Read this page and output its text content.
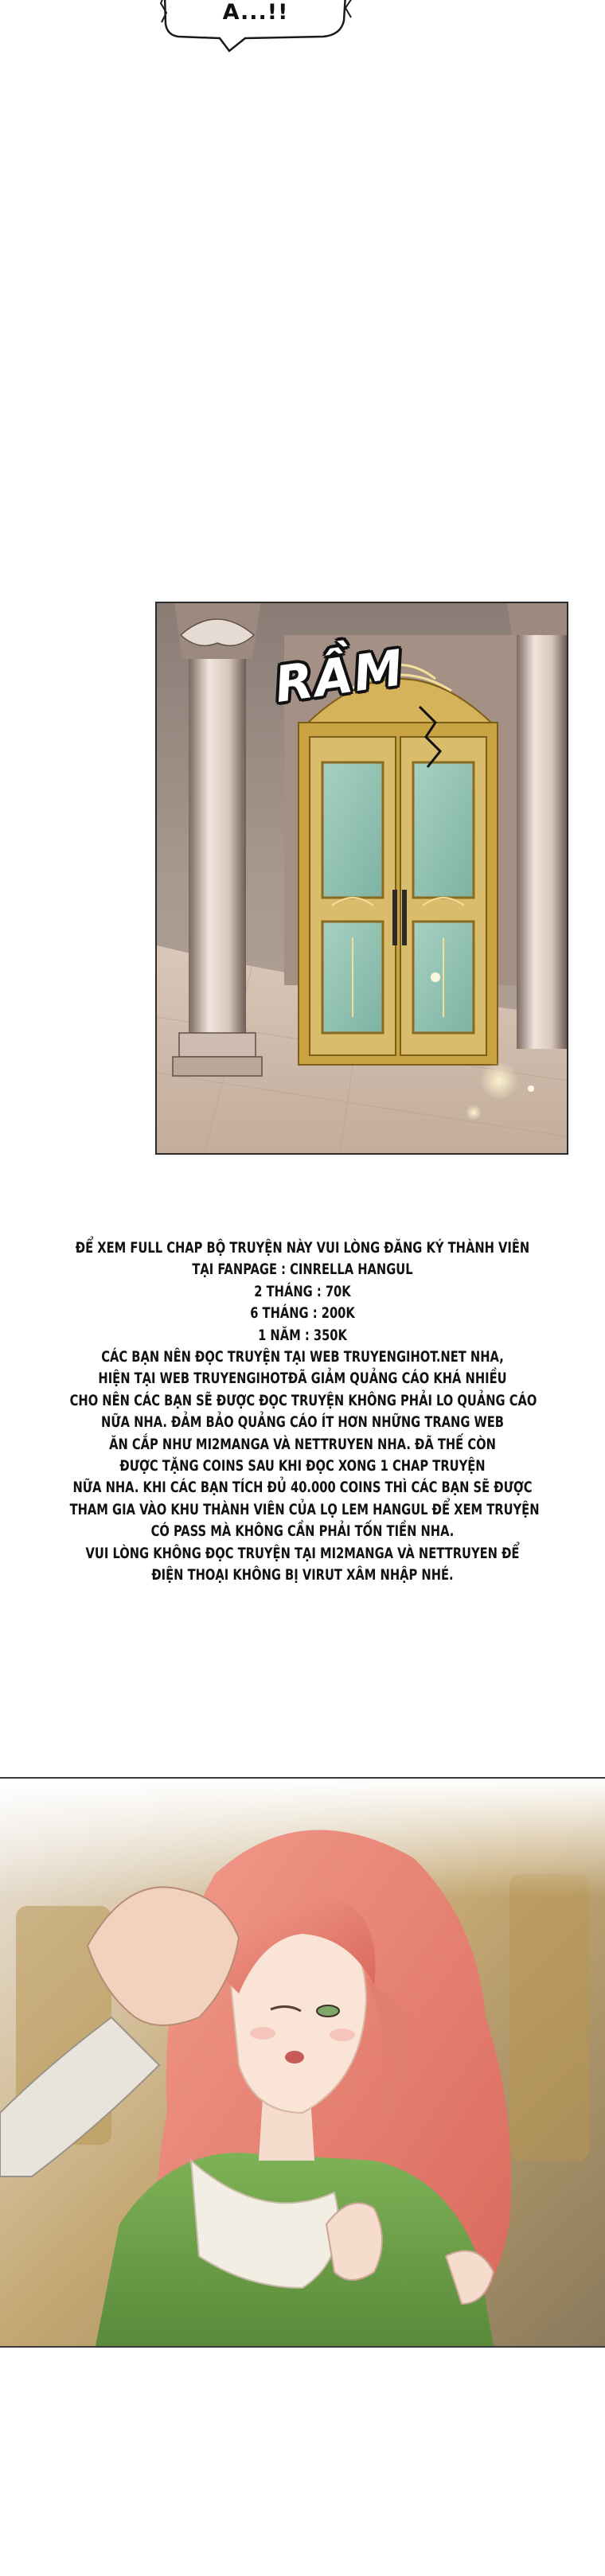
A...!!
RẦM
ĐỂ XEM FULL CHAP BỘ TRUYỆN NÀY VUI LÒNG ĐĂNG KÝ THÀNH VIÊN
TẠI FANPAGE : CINRELLA HANGUL
2 THÁNG : 70K
6 THÁNG : 200K
1 NĂM : 350K
CÁC BẠN NÊN ĐỌC TRUYỆN TẠI WEB TRUYENGIHOT.NET NHA,
HIỆN TẠI WEB TRUYENGIHOTĐÃ GIẢM QUẢNG CÁO KHÁ NHIỀU
CHO NÊN CÁC BẠN SẼ ĐƯỢC ĐỌC TRUYỆN KHÔNG PHẢI LO QUẢNG CÁO
NỮA NHA. ĐẢM BẢO QUẢNG CÁO ÍT HƠN NHỮNG TRANG WEB
ĂN CẮP NHƯ MI2MANGA VÀ NETTRUYEN NHA. ĐÃ THẾ CÒN
ĐƯỢC TẶNG COINS SAU KHI ĐỌC XONG 1 CHAP TRUYỆN
NỮA NHA. KHI CÁC BẠN TÍCH ĐỦ 40.000 COINS THÌ CÁC BẠN SẼ ĐƯỢC
THAM GIA VÀO KHU THÀNH VIÊN CỦA LỌ LEM HANGUL ĐỂ XEM TRUYỆN
CÓ PASS MÀ KHÔNG CẦN PHẢI TỐN TIỀN NHA.
VUI LÒNG KHÔNG ĐỌC TRUYỆN TẠI MI2MANGA VÀ NETTRUYEN ĐỂ
ĐIỆN THOẠI KHÔNG BỊ VIRUT XÂM NHẬP NHÉ.
